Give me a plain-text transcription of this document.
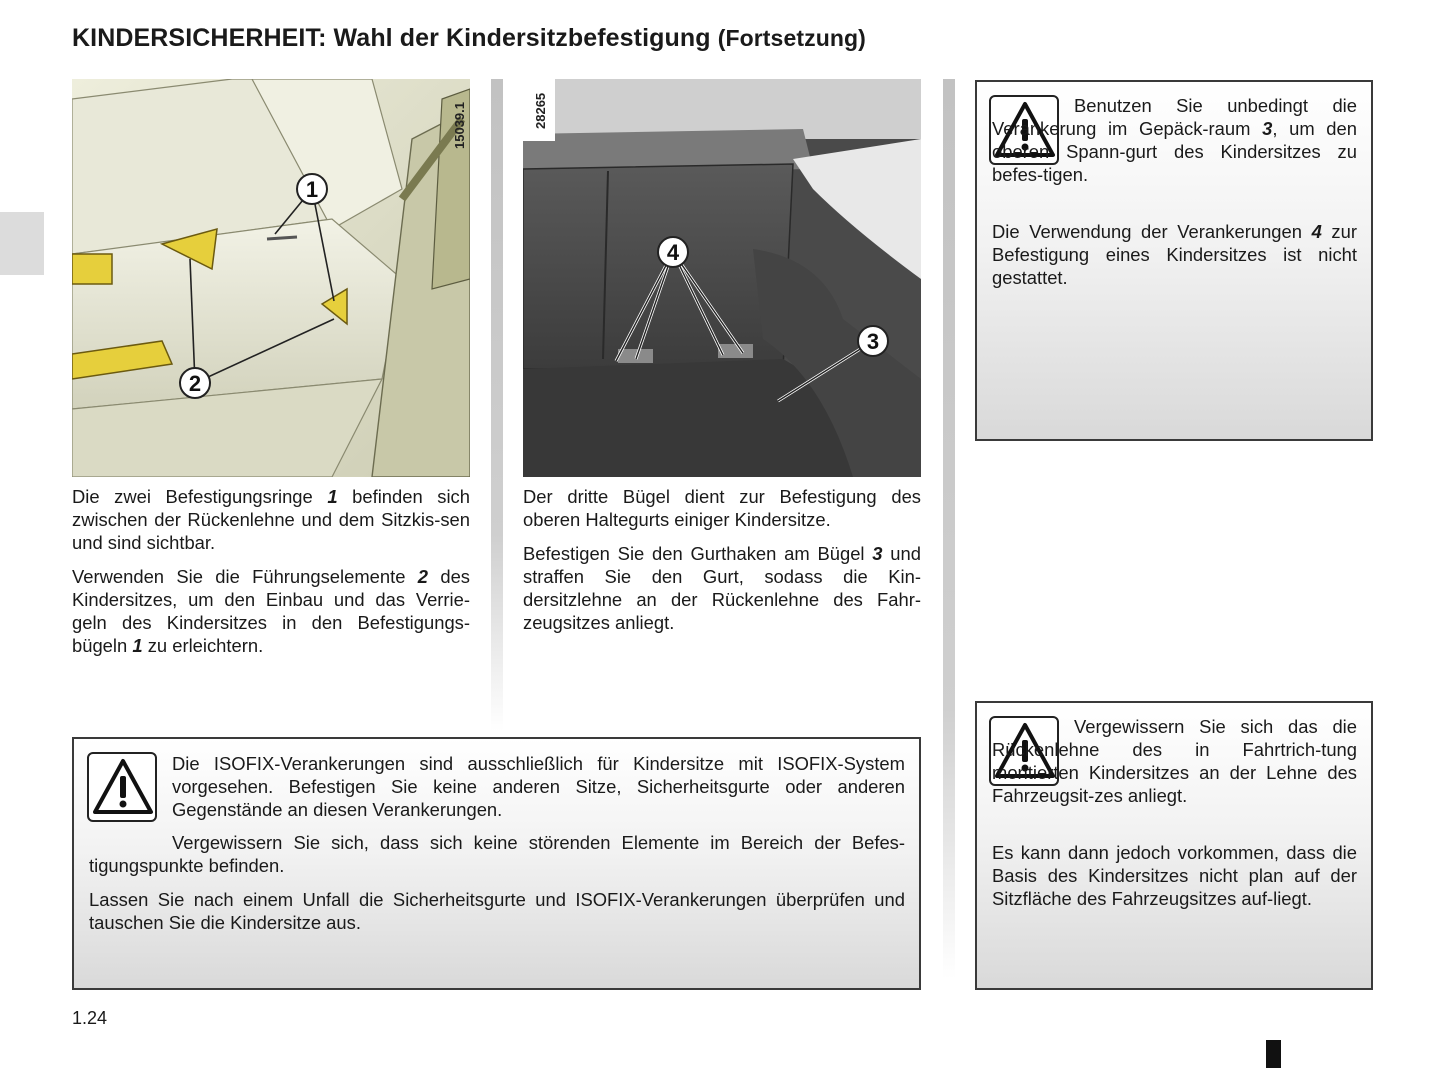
KINDERSICHERHEIT: Wahl der Kindersitzbefestigung (Fortsetzung)
1
2
15039.1
4
3
28265

Die zwei Befestigungsringe 1 befinden sich zwischen der Rückenlehne und dem Sitzkis-sen und sind sichtbar.

Verwenden Sie die Führungselemente 2 des Kindersitzes, um den Einbau und das Verrie-geln des Kindersitzes in den Befestigungs-bügeln 1 zu erleichtern.

Der dritte Bügel dient zur Befestigung des oberen Haltegurts einiger Kindersitze.

Befestigen Sie den Gurthaken am Bügel 3 und straffen Sie den Gurt, sodass die Kin-dersitzlehne an der Rückenlehne des Fahr-zeugsitzes anliegt.

Benutzen Sie unbedingt die Verankerung im Gepäck-raum 3, um den oberen Spann-gurt des Kindersitzes zu befes-tigen.

Die Verwendung der Verankerungen 4 zur Befestigung eines Kindersitzes ist nicht gestattet.

Die ISOFIX-Verankerungen sind ausschließlich für Kindersitze mit ISOFIX-System vorgesehen. Befestigen Sie keine anderen Sitze, Sicherheitsgurte oder anderen Gegenstände an diesen Verankerungen.

Vergewissern Sie sich, dass sich keine störenden Elemente im Bereich der Befes-tigungspunkte befinden.

Lassen Sie nach einem Unfall die Sicherheitsgurte und ISOFIX-Verankerungen überprüfen und tauschen Sie die Kindersitze aus.

Vergewissern Sie sich das die Rückenlehne des in Fahrtrich-tung montierten Kindersitzes an der Lehne des Fahrzeugsit-zes anliegt.

Es kann dann jedoch vorkommen, dass die Basis des Kindersitzes nicht plan auf der Sitzfläche des Fahrzeugsitzes auf-liegt.

1.24
